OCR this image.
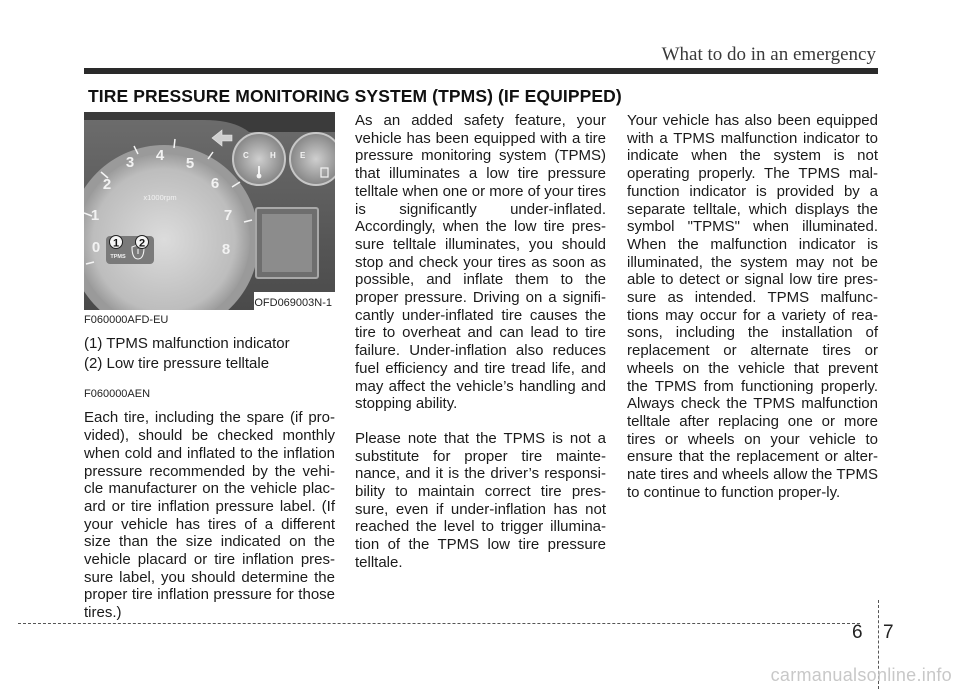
What to do in an emergency
TIRE PRESSURE MONITORING SYSTEM (TPMS) (IF EQUIPPED)
0
1
2
3 4 5
6
7
8
x1000rpm
TPMS
1 2
C	H	E
OFD069003N-1

F060000AFD-EU

(1) TPMS malfunction indicator

(2) Low tire pressure telltale

F060000AEN

Each tire, including the spare (if pro-vided), should be checked monthly when cold and inflated to the inflation pressure recommended by the vehi-cle manufacturer on the vehicle plac-ard or tire inflation pressure label. (If your vehicle has tires of a different size than the size indicated on the vehicle placard or tire inflation pres-sure label, you should determine the proper tire inflation pressure for those tires.)

As an added safety feature, your vehicle has been equipped with a tire pressure monitoring system (TPMS) that illuminates a low tire pressure telltale when one or more of your tires is significantly under-inflated. Accordingly, when the low tire pres-sure telltale illuminates, you should stop and check your tires as soon as possible, and inflate them to the proper pressure. Driving on a signifi-cantly under-inflated tire causes the tire to overheat and can lead to tire failure. Under-inflation also reduces fuel efficiency and tire tread life, and may affect the vehicle’s handling and stopping ability.

Please note that the TPMS is not a substitute for proper tire mainte-nance, and it is the driver’s responsi-bility to maintain correct tire pres-sure, even if under-inflation has not reached the level to trigger illumina-tion of the TPMS low tire pressure telltale.

Your vehicle has also been equipped with a TPMS malfunction indicator to indicate when the system is not operating properly. The TPMS mal-function indicator is provided by a separate telltale, which displays the symbol "TPMS" when illuminated. When the malfunction indicator is illuminated, the system may not be able to detect or signal low tire pres-sure as intended. TPMS malfunc-tions may occur for a variety of rea-sons, including the installation of replacement or alternate tires or wheels on the vehicle that prevent the TPMS from functioning properly. Always check the TPMS malfunction telltale after replacing one or more tires or wheels on your vehicle to ensure that the replacement or alter-nate tires and wheels allow the TPMS to continue to function proper-ly.

6 7
carmanualsonline.info
